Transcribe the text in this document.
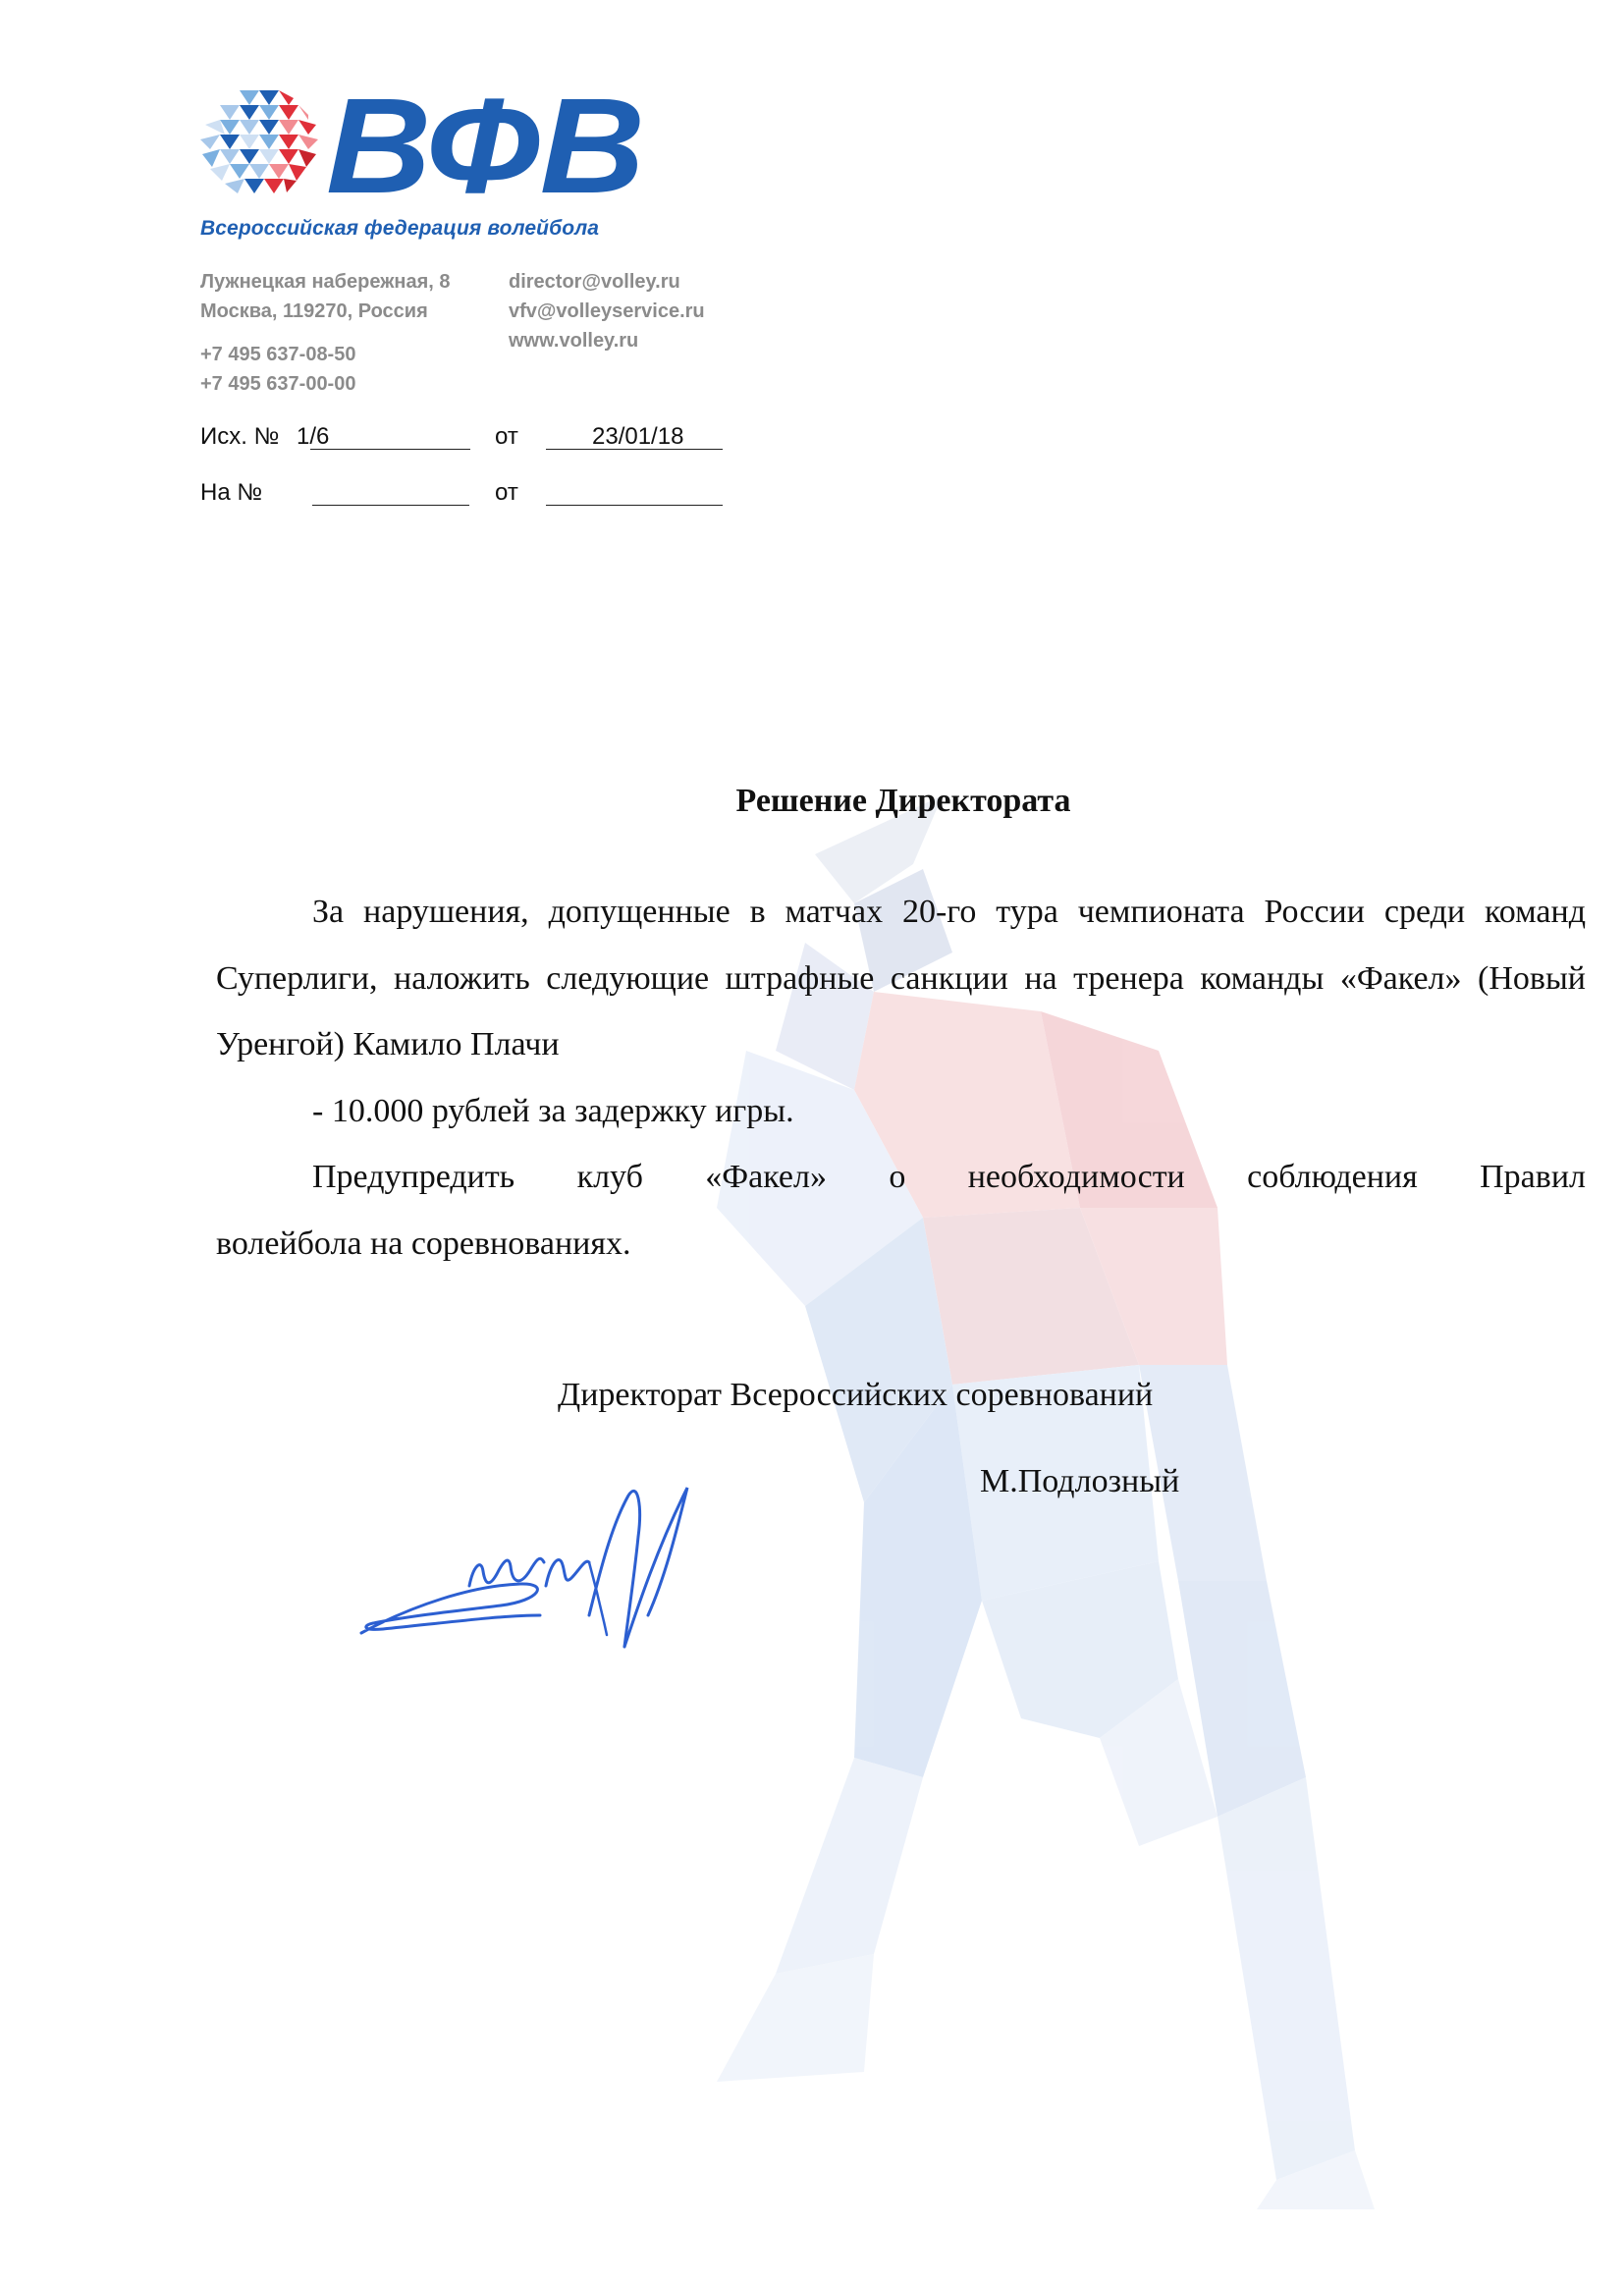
ВФВ
Всероссийская федерация волейбола
Лужнецкая набережная, 8
Москва, 119270, Россия
+7 495 637-08-50
+7 495 637-00-00
director@volley.ru
vfv@volleyservice.ru
www.volley.ru
Исх. № 1/6	от	23/01/18
На №	от
Решение Директората

За нарушения, допущенные в матчах 20-го тура чемпионата России среди команд Суперлиги, наложить следующие штрафные санкции на тренера команды «Факел» (Новый Уренгой) Камило Плачи

- 10.000 рублей за задержку игры.

Предупредить клуб «Факел» о необходимости соблюдения Правил

волейбола на соревнованиях.

Директорат Всероссийских соревнований
М.Подлозный
